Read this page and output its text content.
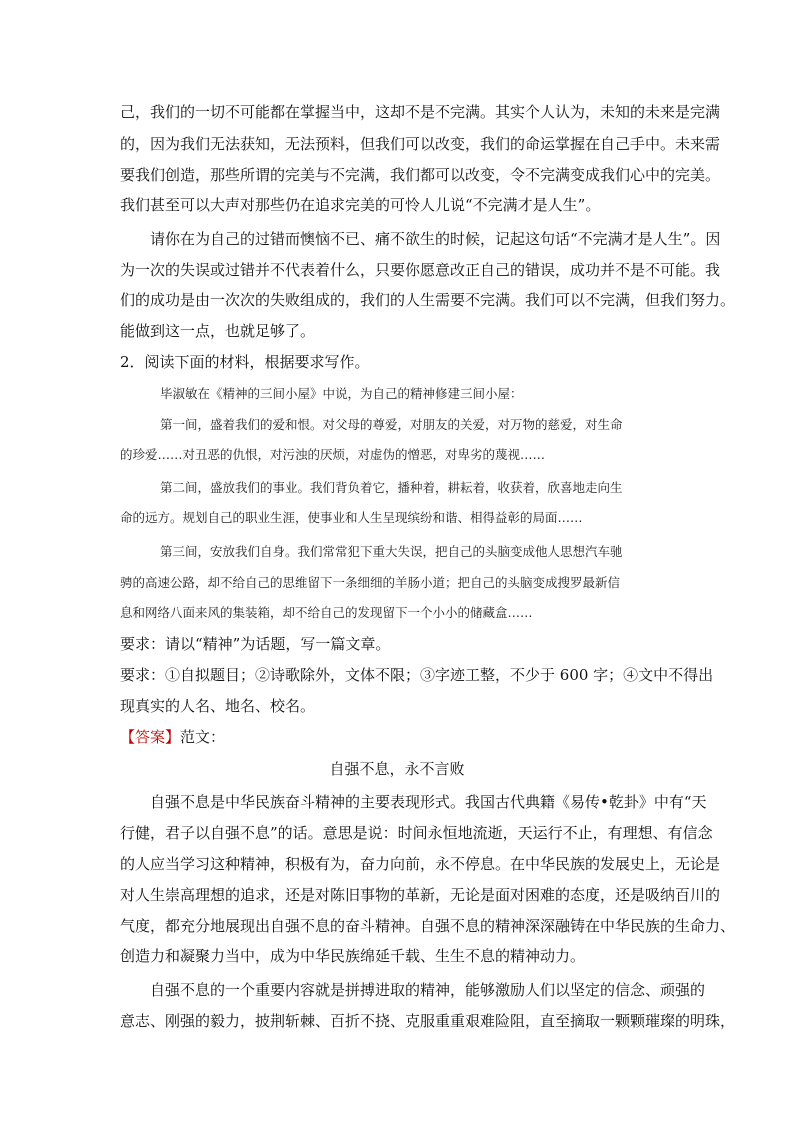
己，我们的一切不可能都在掌握当中，这却不是不完满。其实个人认为，未知的未来是完满
的，因为我们无法获知，无法预料，但我们可以改变，我们的命运掌握在自己手中。未来需
要我们创造，那些所谓的完美与不完满，我们都可以改变，令不完满变成我们心中的完美。
我们甚至可以大声对那些仍在追求完美的可怜人儿说“不完满才是人生”。
请你在为自己的过错而懊恼不已、痛不欲生的时候，记起这句话“不完满才是人生”。因
为一次的失误或过错并不代表着什么，只要你愿意改正自己的错误，成功并不是不可能。我
们的成功是由一次次的失败组成的，我们的人生需要不完满。我们可以不完满，但我们努力。
能做到这一点，也就足够了。
2．阅读下面的材料，根据要求写作。
毕淑敏在《精神的三间小屋》中说，为自己的精神修建三间小屋：
第一间，盛着我们的爱和恨。对父母的尊爱，对朋友的关爱，对万物的慈爱，对生命
的珍爱……对丑恶的仇恨，对污浊的厌烦，对虚伪的憎恶，对卑劣的蔑视……
第二间，盛放我们的事业。我们背负着它，播种着，耕耘着，收获着，欣喜地走向生
命的远方。规划自己的职业生涯，使事业和人生呈现缤纷和谐、相得益彰的局面……
第三间，安放我们自身。我们常常犯下重大失误，把自己的头脑变成他人思想汽车驰
骋的高速公路，却不给自己的思维留下一条细细的羊肠小道；把自己的头脑变成搜罗最新信
息和网络八面来风的集装箱，却不给自己的发现留下一个小小的储藏盒……
要求：请以“精神”为话题，写一篇文章。
要求：①自拟题目；②诗歌除外，文体不限；③字迹工整，不少于 600 字；④文中不得出
现真实的人名、地名、校名。
【答案】范文：
自强不息，永不言败
自强不息是中华民族奋斗精神的主要表现形式。我国古代典籍《易传•乾卦》中有“天
行健，君子以自强不息”的话。意思是说：时间永恒地流逝，天运行不止，有理想、有信念
的人应当学习这种精神，积极有为，奋力向前，永不停息。在中华民族的发展史上，无论是
对人生崇高理想的追求，还是对陈旧事物的革新，无论是面对困难的态度，还是吸纳百川的
气度，都充分地展现出自强不息的奋斗精神。自强不息的精神深深融铸在中华民族的生命力、
创造力和凝聚力当中，成为中华民族绵延千载、生生不息的精神动力。
自强不息的一个重要内容就是拼搏进取的精神，能够激励人们以坚定的信念、顽强的
意志、刚强的毅力，披荆斩棘、百折不挠、克服重重艰难险阻，直至摘取一颗颗璀璨的明珠，
